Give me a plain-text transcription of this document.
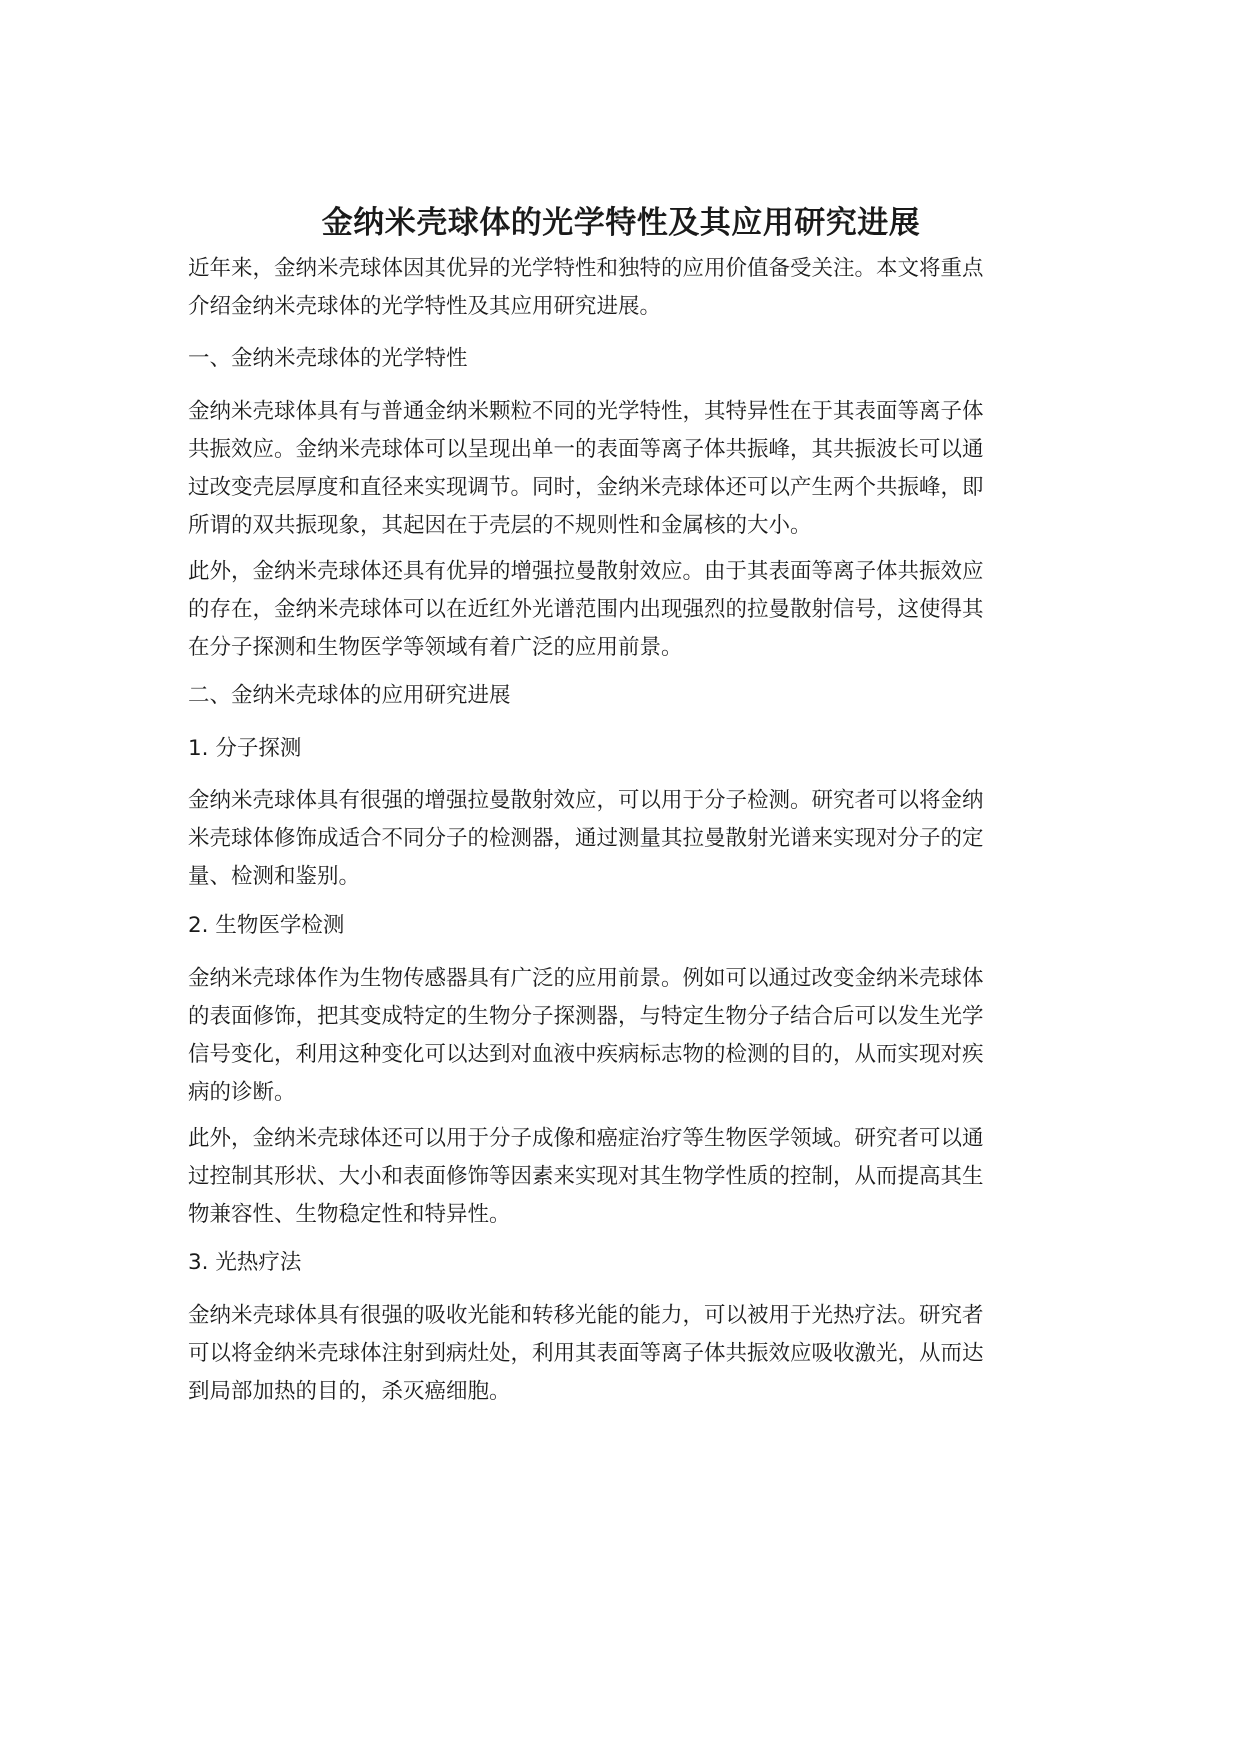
金纳米壳球体的光学特性及其应用研究进展

近年来，金纳米壳球体因其优异的光学特性和独特的应用价值备受关注。本文将重点
介绍金纳米壳球体的光学特性及其应用研究进展。

一、金纳米壳球体的光学特性

金纳米壳球体具有与普通金纳米颗粒不同的光学特性，其特异性在于其表面等离子体
共振效应。金纳米壳球体可以呈现出单一的表面等离子体共振峰，其共振波长可以通
过改变壳层厚度和直径来实现调节。同时，金纳米壳球体还可以产生两个共振峰，即
所谓的双共振现象，其起因在于壳层的不规则性和金属核的大小。

此外，金纳米壳球体还具有优异的增强拉曼散射效应。由于其表面等离子体共振效应
的存在，金纳米壳球体可以在近红外光谱范围内出现强烈的拉曼散射信号，这使得其
在分子探测和生物医学等领域有着广泛的应用前景。

二、金纳米壳球体的应用研究进展

1. 分子探测

金纳米壳球体具有很强的增强拉曼散射效应，可以用于分子检测。研究者可以将金纳
米壳球体修饰成适合不同分子的检测器，通过测量其拉曼散射光谱来实现对分子的定
量、检测和鉴别。

2. 生物医学检测

金纳米壳球体作为生物传感器具有广泛的应用前景。例如可以通过改变金纳米壳球体
的表面修饰，把其变成特定的生物分子探测器，与特定生物分子结合后可以发生光学
信号变化，利用这种变化可以达到对血液中疾病标志物的检测的目的，从而实现对疾
病的诊断。

此外，金纳米壳球体还可以用于分子成像和癌症治疗等生物医学领域。研究者可以通
过控制其形状、大小和表面修饰等因素来实现对其生物学性质的控制，从而提高其生
物兼容性、生物稳定性和特异性。

3. 光热疗法

金纳米壳球体具有很强的吸收光能和转移光能的能力，可以被用于光热疗法。研究者
可以将金纳米壳球体注射到病灶处，利用其表面等离子体共振效应吸收激光，从而达
到局部加热的目的，杀灭癌细胞。
